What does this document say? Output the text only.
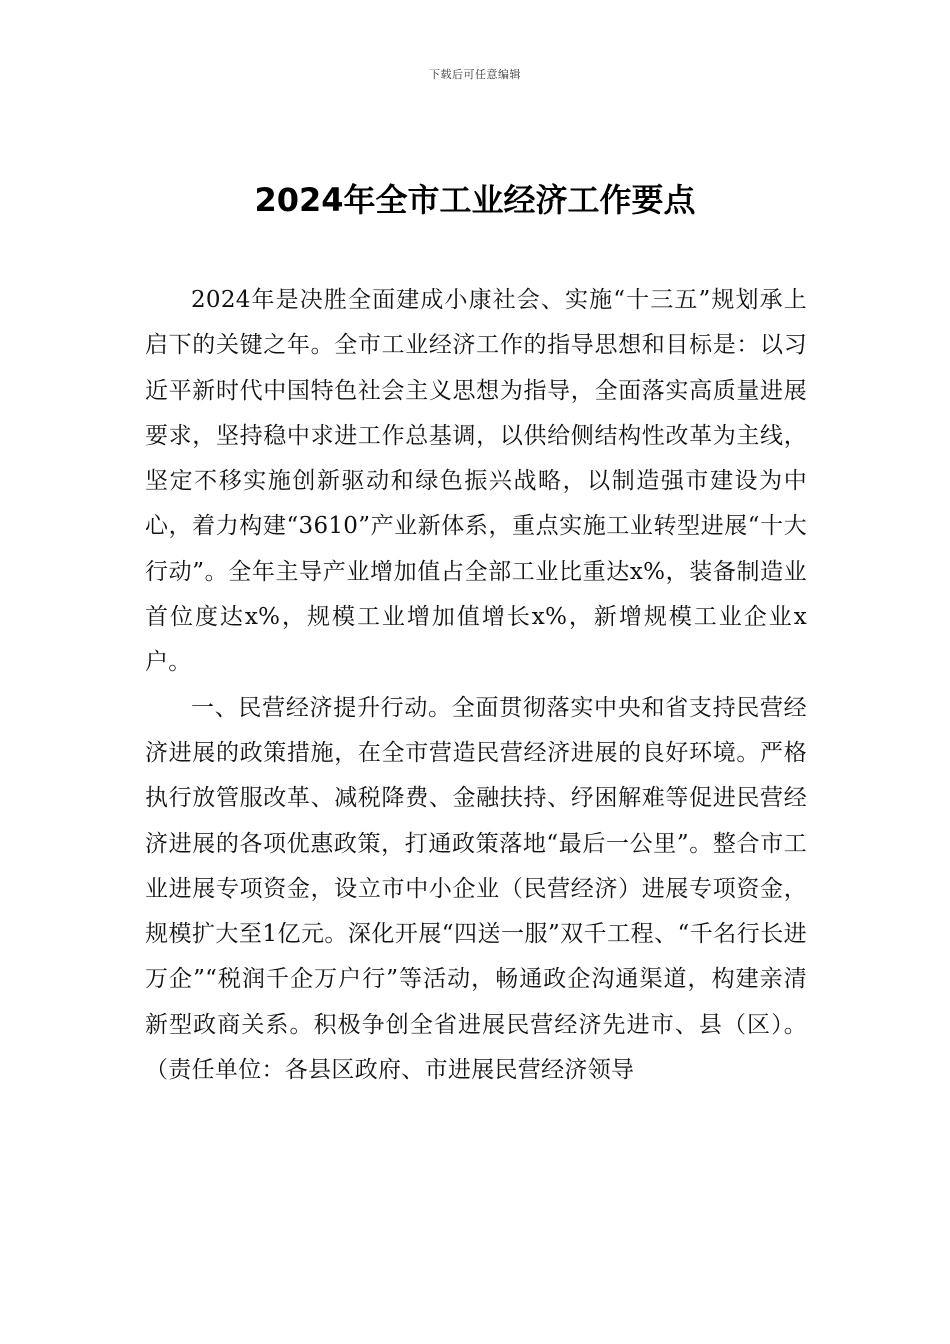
下载后可任意编辑
2024年全市工业经济工作要点

2024年是决胜全面建成小康社会、实施“十三五”规划承上启下的关键之年。全市工业经济工作的指导思想和目标是：以习近平新时代中国特色社会主义思想为指导，全面落实高质量进展要求，坚持稳中求进工作总基调，以供给侧结构性改革为主线，坚定不移实施创新驱动和绿色振兴战略，以制造强市建设为中心，着力构建“3610”产业新体系，重点实施工业转型进展“十大行动”。全年主导产业增加值占全部工业比重达x%，装备制造业首位度达x%，规模工业增加值增长x%，新增规模工业企业x户。

一、民营经济提升行动。全面贯彻落实中央和省支持民营经济进展的政策措施，在全市营造民营经济进展的良好环境。严格执行放管服改革、减税降费、金融扶持、纾困解难等促进民营经济进展的各项优惠政策，打通政策落地“最后一公里”。整合市工业进展专项资金，设立市中小企业（民营经济）进展专项资金，规模扩大至1亿元。深化开展“四送一服”双千工程、“千名行长进万企”“税润千企万户行”等活动，畅通政企沟通渠道，构建亲清新型政商关系。积极争创全省进展民营经济先进市、县（区）。（责任单位：各县区政府、市进展民营经济领导
